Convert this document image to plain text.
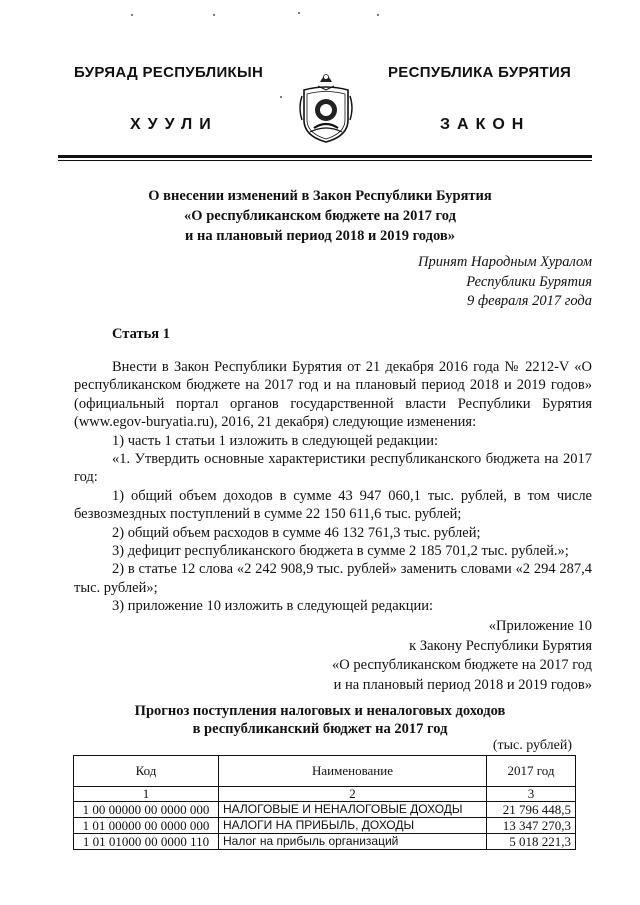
БУРЯАД РЕСПУБЛИКЫН
ХУУЛИ
РЕСПУБЛИКА БУРЯТИЯ
ЗАКОН
О внесении изменений в Закон Республики Бурятия
«О республиканском бюджете на 2017 год
и на плановый период 2018 и 2019 годов»
Принят Народным Хуралом
Республики Бурятия
9 февраля 2017 года
Статья 1

Внести в Закон Республики Бурятия от 21 декабря 2016 года № 2212-V «О республиканском бюджете на 2017 год и на плановый период 2018 и 2019 годов» (официальный портал органов государственной власти Республики Бурятия (www.egov-buryatia.ru), 2016, 21 декабря) следующие изменения:

1) часть 1 статьи 1 изложить в следующей редакции:

«1. Утвердить основные характеристики республиканского бюджета на 2017 год:

1) общий объем доходов в сумме 43 947 060,1 тыс. рублей, в том числе безвозмездных поступлений в сумме 22 150 611,6 тыс. рублей;

2) общий объем расходов в сумме 46 132 761,3 тыс. рублей;

3) дефицит республиканского бюджета в сумме 2 185 701,2 тыс. рублей.»;

2) в статье 12 слова «2 242 908,9 тыс. рублей» заменить словами «2 294 287,4 тыс. рублей»;

3) приложение 10 изложить в следующей редакции:

«Приложение 10
к Закону Республики Бурятия
«О республиканском бюджете на 2017 год
и на плановый период 2018 и 2019 годов»
Прогноз поступления налоговых и неналоговых доходов
в республиканский бюджет на 2017 год
(тыс. рублей)
Код	Наименование	2017 год
1	2	3
1 00 00000 00 0000 000	НАЛОГОВЫЕ И НЕНАЛОГОВЫЕ ДОХОДЫ	21 796 448,5
1 01 00000 00 0000 000	НАЛОГИ НА ПРИБЫЛЬ, ДОХОДЫ	13 347 270,3
1 01 01000 00 0000 110	Налог на прибыль организаций	5 018 221,3
